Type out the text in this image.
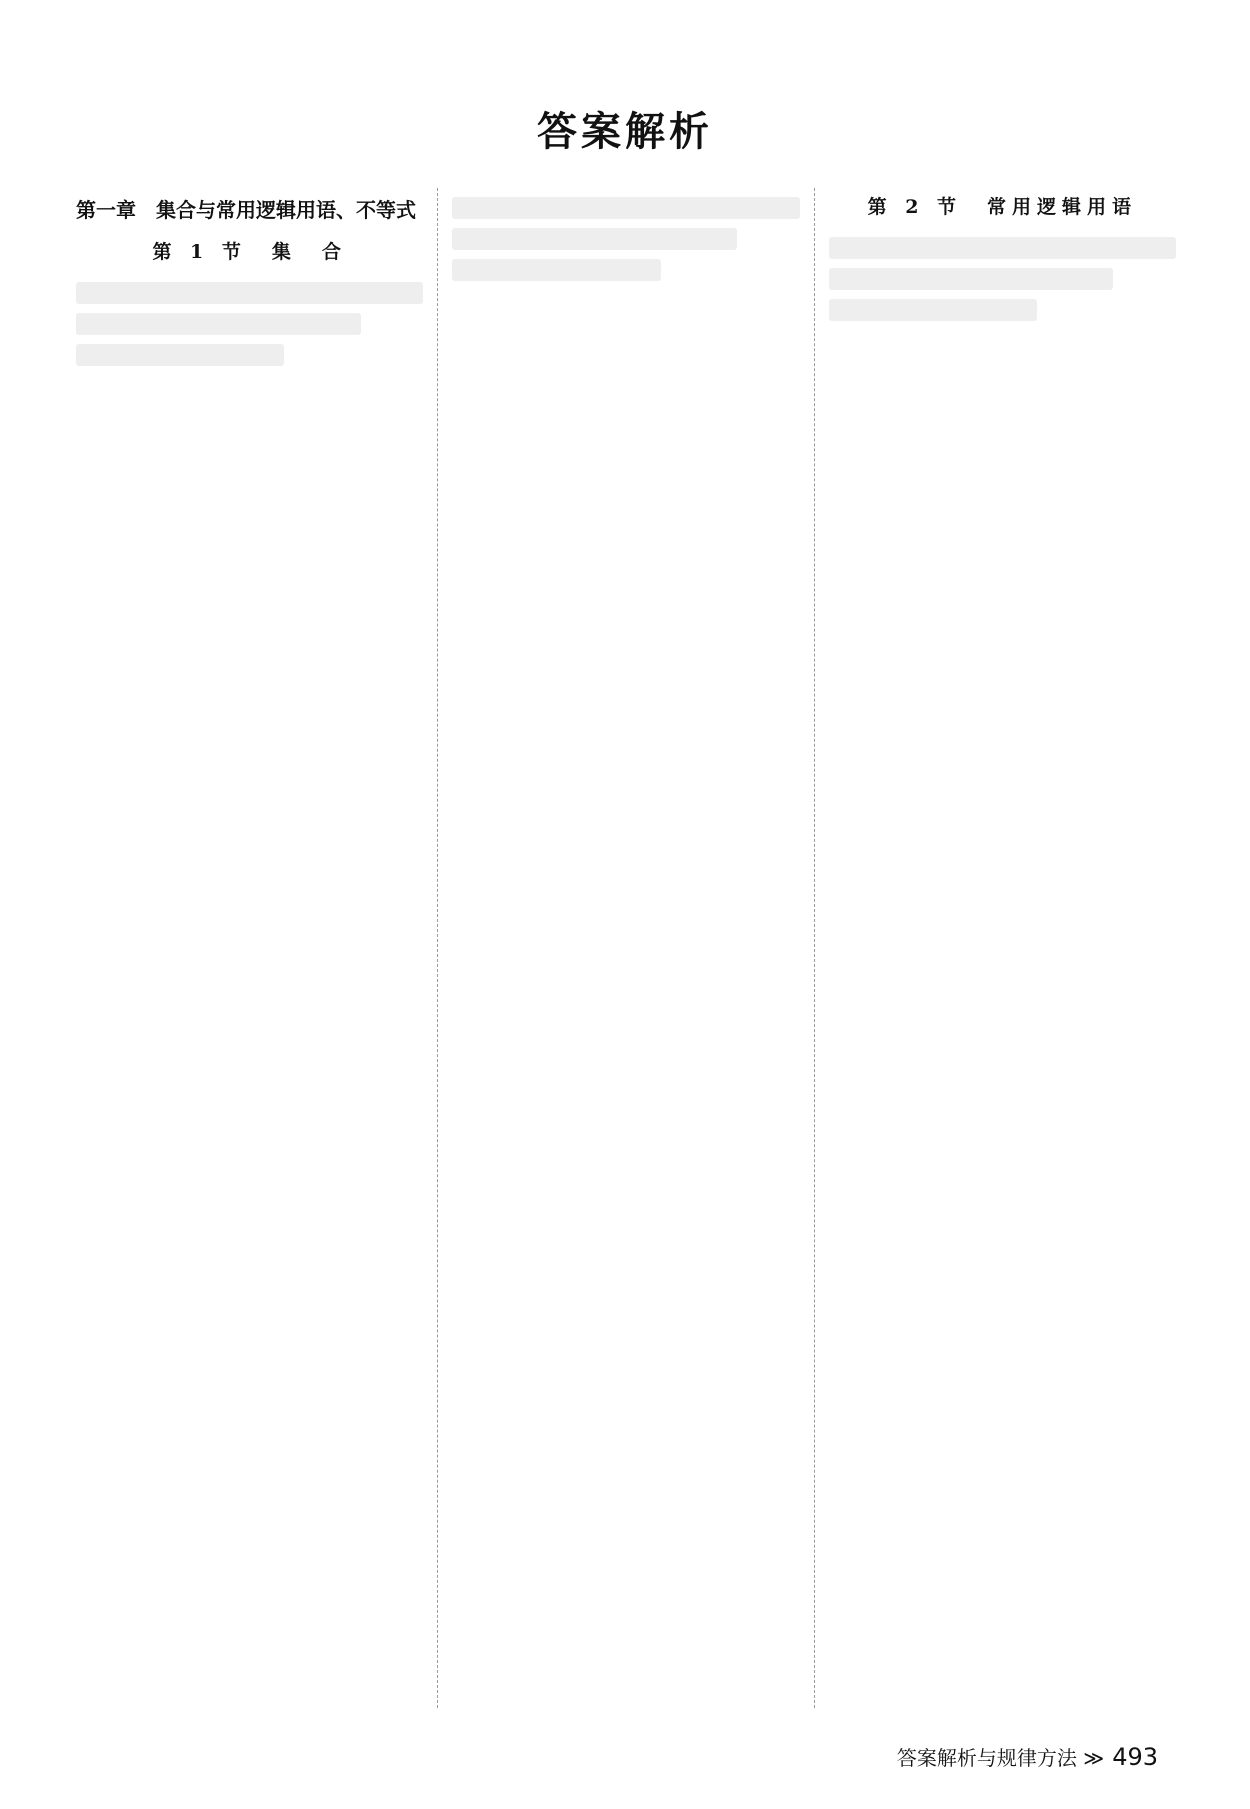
答案解析
第一章　集合与常用逻辑用语、不等式
第 1 节　集　合
第 2 节　常用逻辑用语
答案解析与规律方法 ≫ 493
